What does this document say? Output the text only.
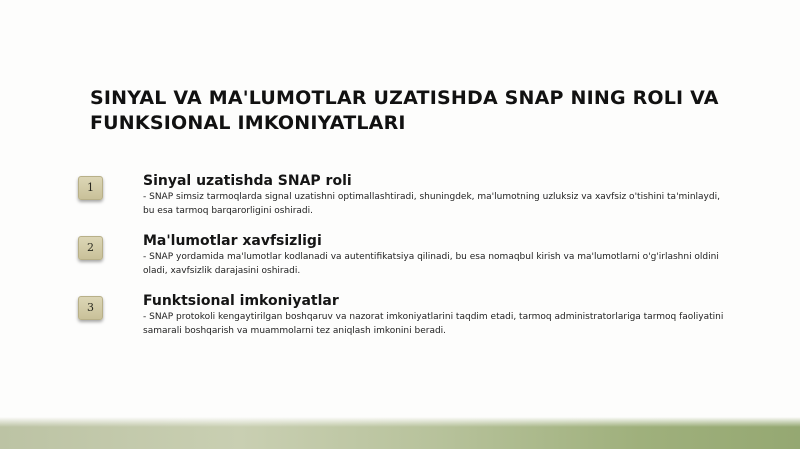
SINYAL VA MA'LUMOTLAR UZATISHDA SNAP NING ROLI VA FUNKSIONAL IMKONIYATLARI
1	Sinyal uzatishda SNAP roli

- SNAP simsiz tarmoqlarda signal uzatishni optimallashtiradi, shuningdek, ma'lumotning uzluksiz va xavfsiz o'tishini ta'minlaydi, bu esa tarmoq barqarorligini oshiradi.

2	Ma'lumotlar xavfsizligi

- SNAP yordamida ma'lumotlar kodlanadi va autentifikatsiya qilinadi, bu esa nomaqbul kirish va ma'lumotlarni o'g'irlashni oldini oladi, xavfsizlik darajasini oshiradi.

3	Funktsional imkoniyatlar

- SNAP protokoli kengaytirilgan boshqaruv va nazorat imkoniyatlarini taqdim etadi, tarmoq administratorlariga tarmoq faoliyatini samarali boshqarish va muammolarni tez aniqlash imkonini beradi.
